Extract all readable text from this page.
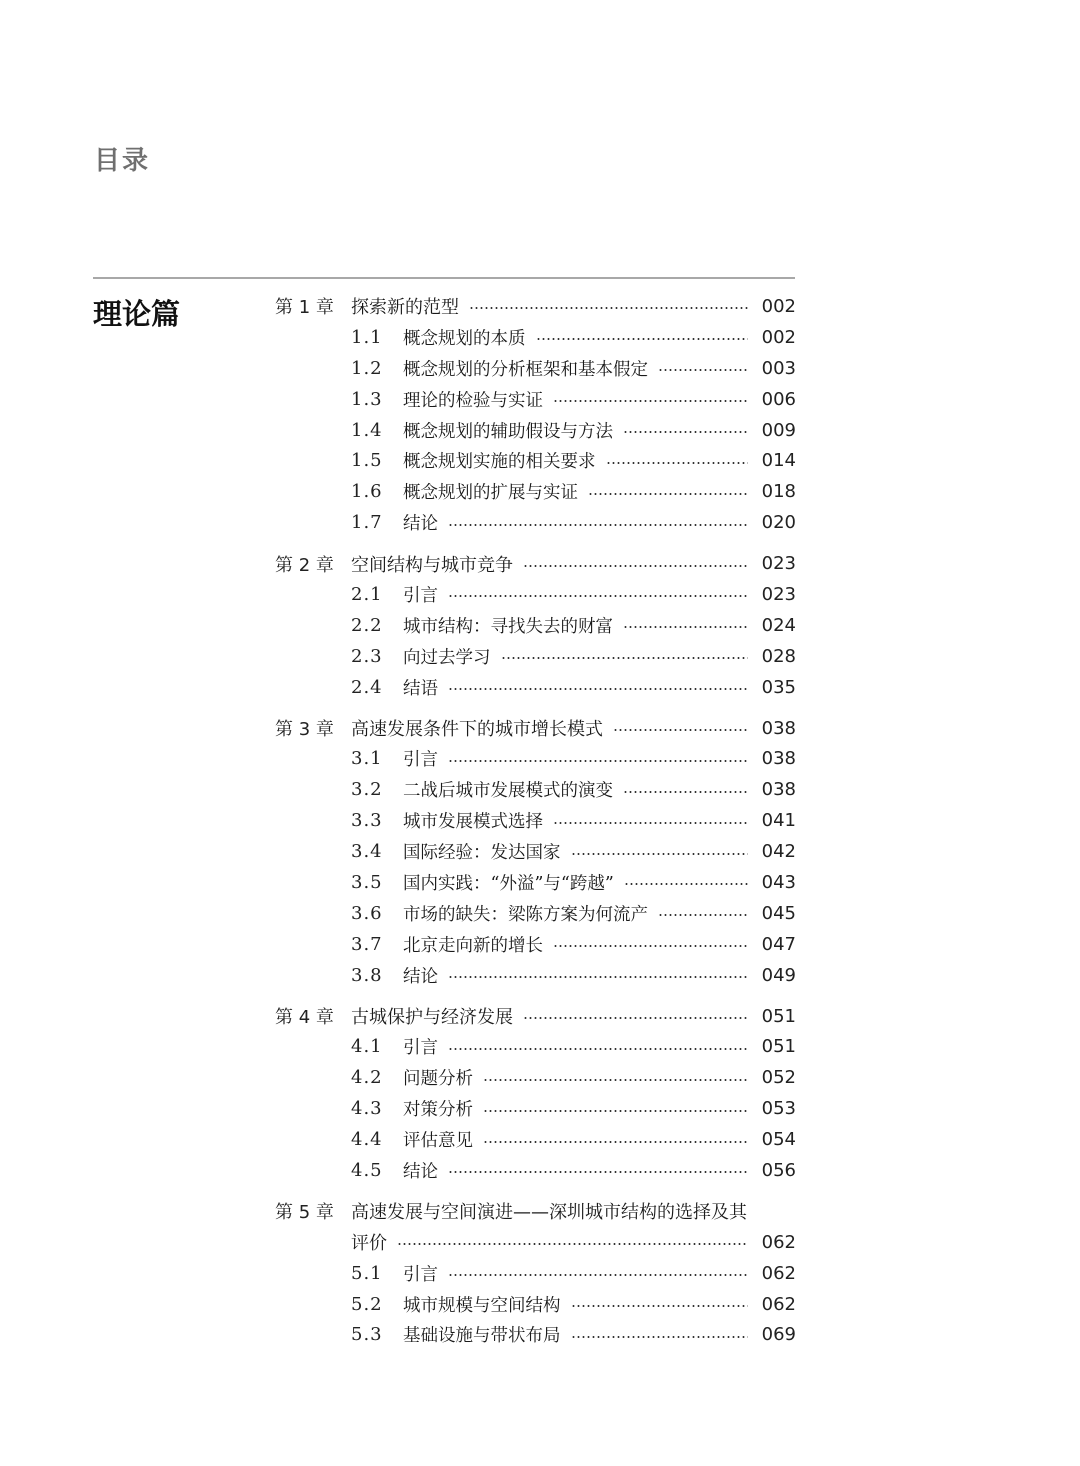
目录
理论篇	第 1 章 探索新的范型	002
1.1	概念规划的本质	002
1.2	概念规划的分析框架和基本假定	003
1.3	理论的检验与实证	006
1.4	概念规划的辅助假设与方法	009
1.5	概念规划实施的相关要求	014
1.6	概念规划的扩展与实证	018
1.7	结论	020
第 2 章 空间结构与城市竞争	023
2.1	引言	023
2.2	城市结构：寻找失去的财富	024
2.3	向过去学习	028
2.4	结语	035
第 3 章 高速发展条件下的城市增长模式	038
3.1	引言	038
3.2	二战后城市发展模式的演变	038
3.3	城市发展模式选择	041
3.4	国际经验：发达国家	042
3.5	国内实践：“外溢”与“跨越”	043
3.6	市场的缺失：梁陈方案为何流产	045
3.7	北京走向新的增长	047
3.8	结论	049
第 4 章 古城保护与经济发展	051
4.1	引言	051
4.2	问题分析	052
4.3	对策分析	053
4.4	评估意见	054
4.5	结论	056
第 5 章 高速发展与空间演进——深圳城市结构的选择及其
评价	062
5.1	引言	062
5.2	城市规模与空间结构	062
5.3	基础设施与带状布局	069
